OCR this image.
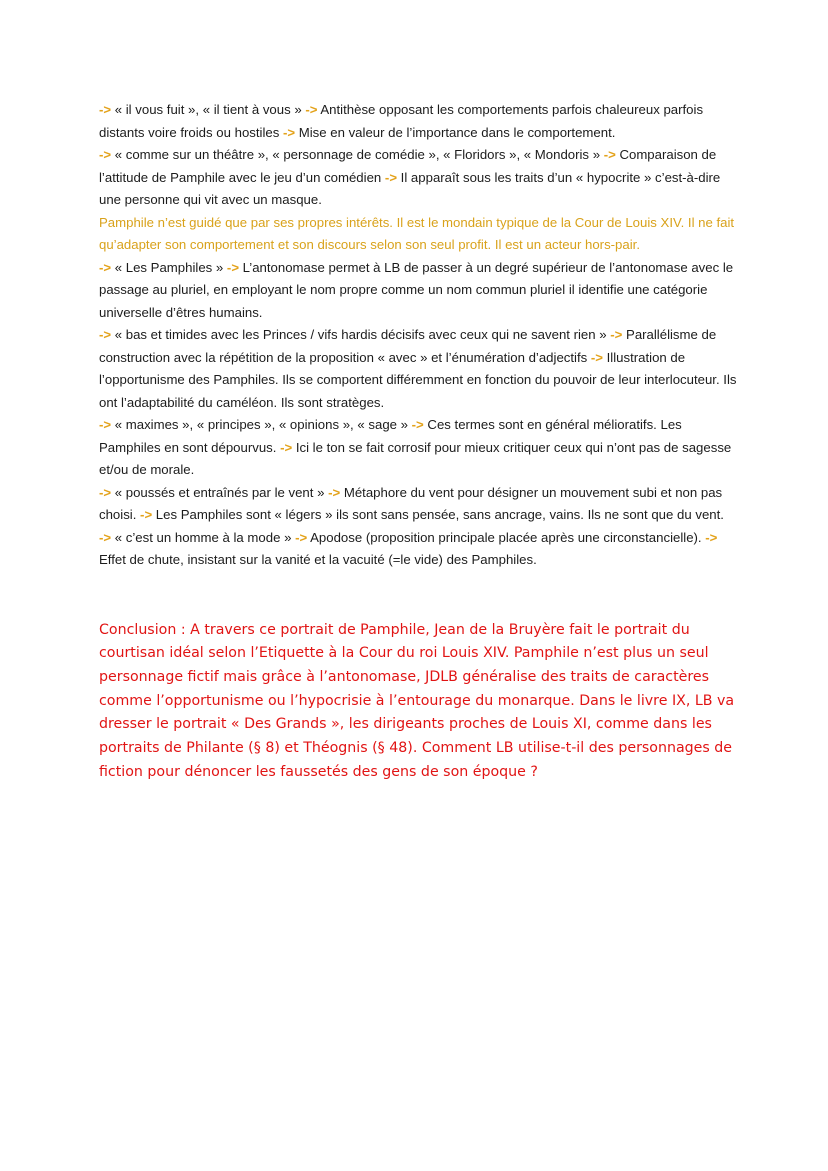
-> « il vous fuit », « il tient à vous » -> Antithèse opposant les comportements parfois chaleureux parfois distants voire froids ou hostiles -> Mise en valeur de l’importance dans le comportement.

-> « comme sur un théâtre », « personnage de comédie », « Floridors », « Mondoris » -> Comparaison de l’attitude de Pamphile avec le jeu d’un comédien -> Il apparaît sous les traits d’un « hypocrite » c’est-à-dire une personne qui vit avec un masque.

Pamphile n’est guidé que par ses propres intérêts. Il est le mondain typique de la Cour de Louis XIV. Il ne fait qu’adapter son comportement et son discours selon son seul profit. Il est un acteur hors-pair.

-> « Les Pamphiles » -> L’antonomase permet à LB de passer à un degré supérieur de l’antonomase avec le passage au pluriel, en employant le nom propre comme un nom commun pluriel il identifie une catégorie universelle d’êtres humains.

-> « bas et timides avec les Princes / vifs hardis décisifs avec ceux qui ne savent rien » -> Parallélisme de construction avec la répétition de la proposition « avec » et l’énumération d’adjectifs -> Illustration de l’opportunisme des Pamphiles. Ils se comportent différemment en fonction du pouvoir de leur interlocuteur. Ils ont l’adaptabilité du caméléon. Ils sont stratèges.

-> « maximes », « principes », « opinions », « sage » -> Ces termes sont en général mélioratifs. Les Pamphiles en sont dépourvus. -> Ici le ton se fait corrosif pour mieux critiquer ceux qui n’ont pas de sagesse et/ou de morale.

-> « poussés et entraînés par le vent » -> Métaphore du vent pour désigner un mouvement subi et non pas choisi. -> Les Pamphiles sont « légers » ils sont sans pensée, sans ancrage, vains. Ils ne sont que du vent.

-> « c’est un homme à la mode » -> Apodose (proposition principale placée après une circonstancielle). -> Effet de chute, insistant sur la vanité et la vacuité (=le vide) des Pamphiles.

Conclusion : A travers ce portrait de Pamphile, Jean de la Bruyère fait le portrait du courtisan idéal selon l’Etiquette à la Cour du roi Louis XIV. Pamphile n’est plus un seul personnage fictif mais grâce à l’antonomase, JDLB généralise des traits de caractères comme l’opportunisme ou l’hypocrisie à l’entourage du monarque. Dans le livre IX, LB va dresser le portrait « Des Grands », les dirigeants proches de Louis XI, comme dans les portraits de Philante (§ 8) et Théognis (§ 48). Comment LB utilise-t-il des personnages de fiction pour dénoncer les faussetés des gens de son époque ?
